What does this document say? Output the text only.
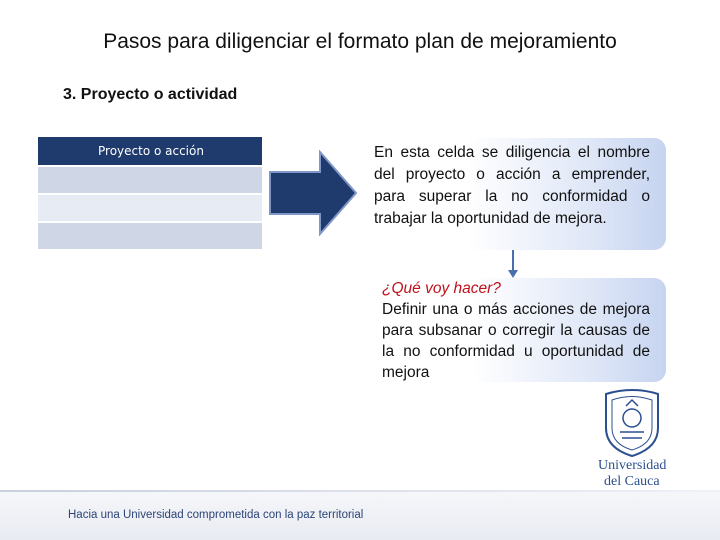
Pasos para diligenciar el formato plan de mejoramiento
3. Proyecto o actividad
Proyecto o acción	En esta celda se diligencia el nombre del proyecto o acción a emprender, para superar la no conformidad o trabajar la oportunidad de mejora.
¿Qué voy hacer?
Definir una o más acciones de mejora para subsanar o corregir la causas de la no conformidad u oportunidad de mejora
Universidad
del Cauca
Hacia una Universidad comprometida con la paz territorial
